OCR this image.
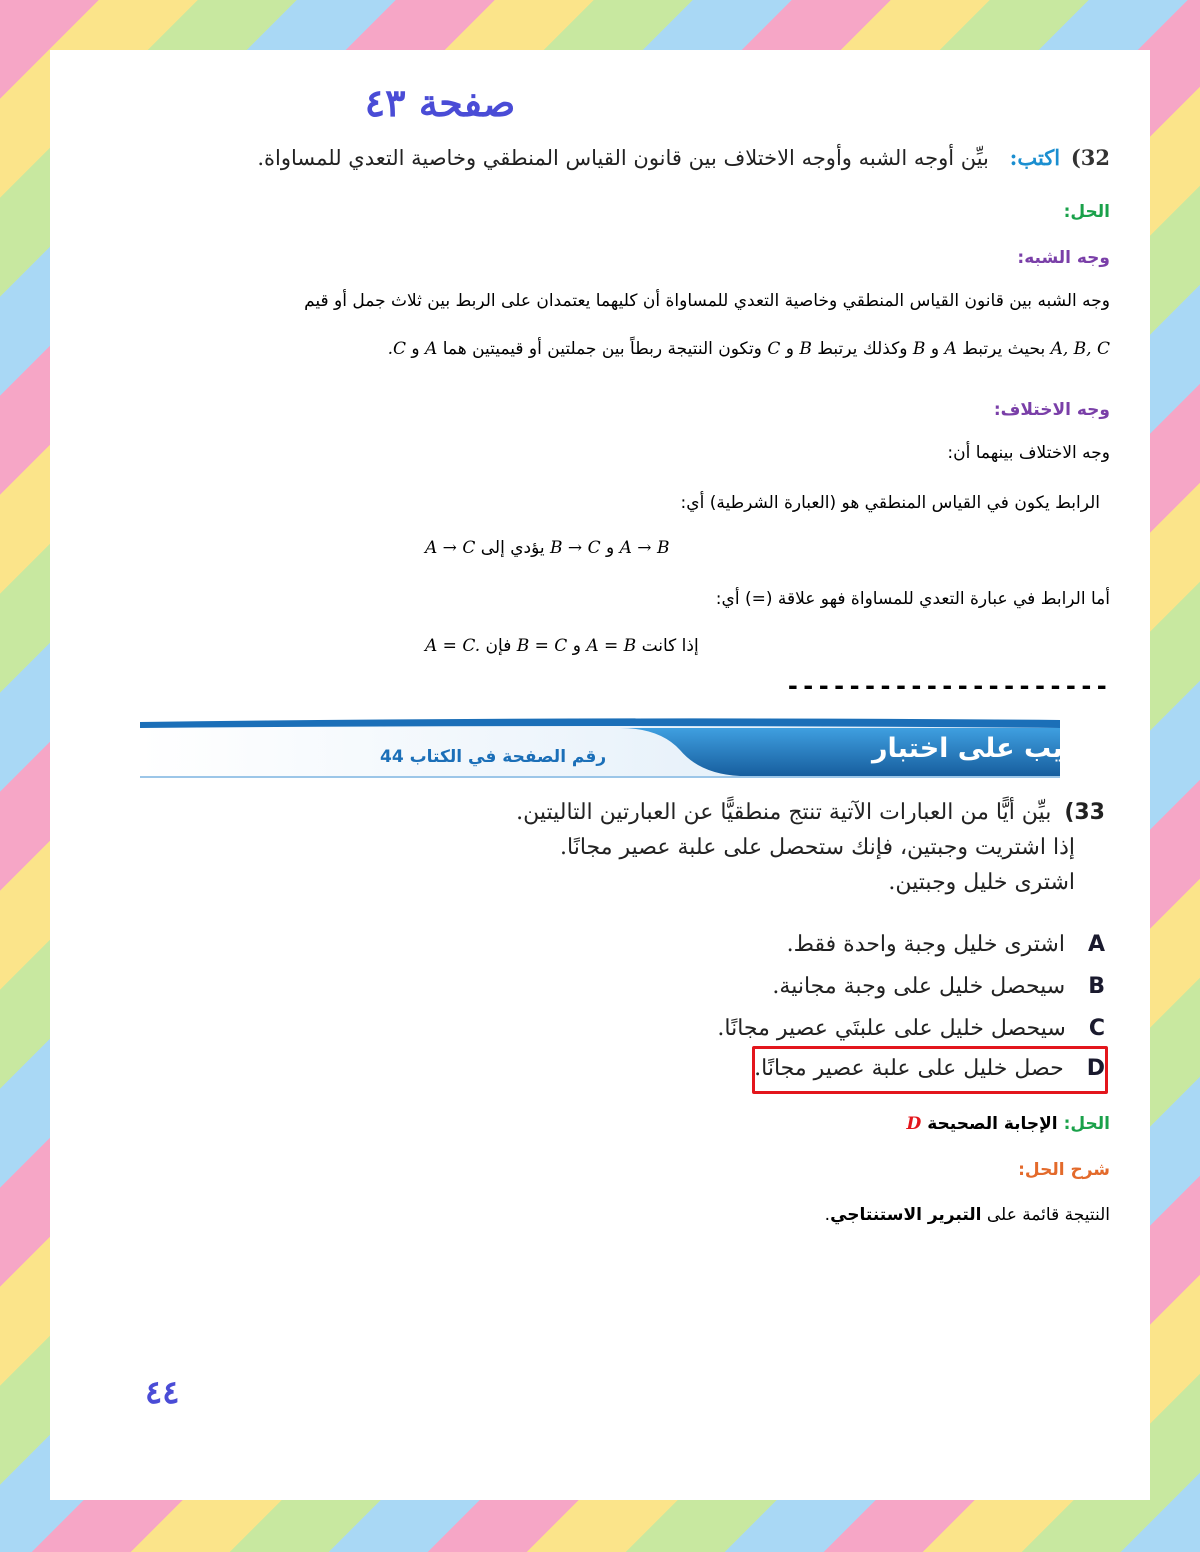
صفحة ٤٣
32) اكتب: بيِّن أوجه الشبه وأوجه الاختلاف بين قانون القياس المنطقي وخاصية التعدي للمساواة.
الحل:
وجه الشبه:
وجه الشبه بين قانون القياس المنطقي وخاصية التعدي للمساواة أن كليهما يعتمدان على الربط بين ثلاث جمل أو قيم
A, B, C بحيث يرتبط A و B وكذلك يرتبط B و C وتكون النتيجة ربطاً بين جملتين أو قيميتين هما A و C.
وجه الاختلاف:
وجه الاختلاف بينهما أن:
الرابط يكون في القياس المنطقي هو (العبارة الشرطية) أي:
A → B و B → C يؤدي إلى A → C
أما الرابط في عبارة التعدي للمساواة فهو علاقة (=) أي:
إذا كانت A = B و B = C فإن A = C.
---------------------
تدريب على اختبار
رقم الصفحة في الكتاب 44
33) بيِّن أيًّا من العبارات الآتية تنتج منطقيًّا عن العبارتين التاليتين.
إذا اشتريت وجبتين، فإنك ستحصل على علبة عصير مجانًا.
اشترى خليل وجبتين.
A اشترى خليل وجبة واحدة فقط.
B سيحصل خليل على وجبة مجانية.
C سيحصل خليل على علبتَي عصير مجانًا.
D حصل خليل على علبة عصير مجانًا.
الحل: الإجابة الصحيحة D
شرح الحل:
النتيجة قائمة على التبرير الاستنتاجي.
٤٤
